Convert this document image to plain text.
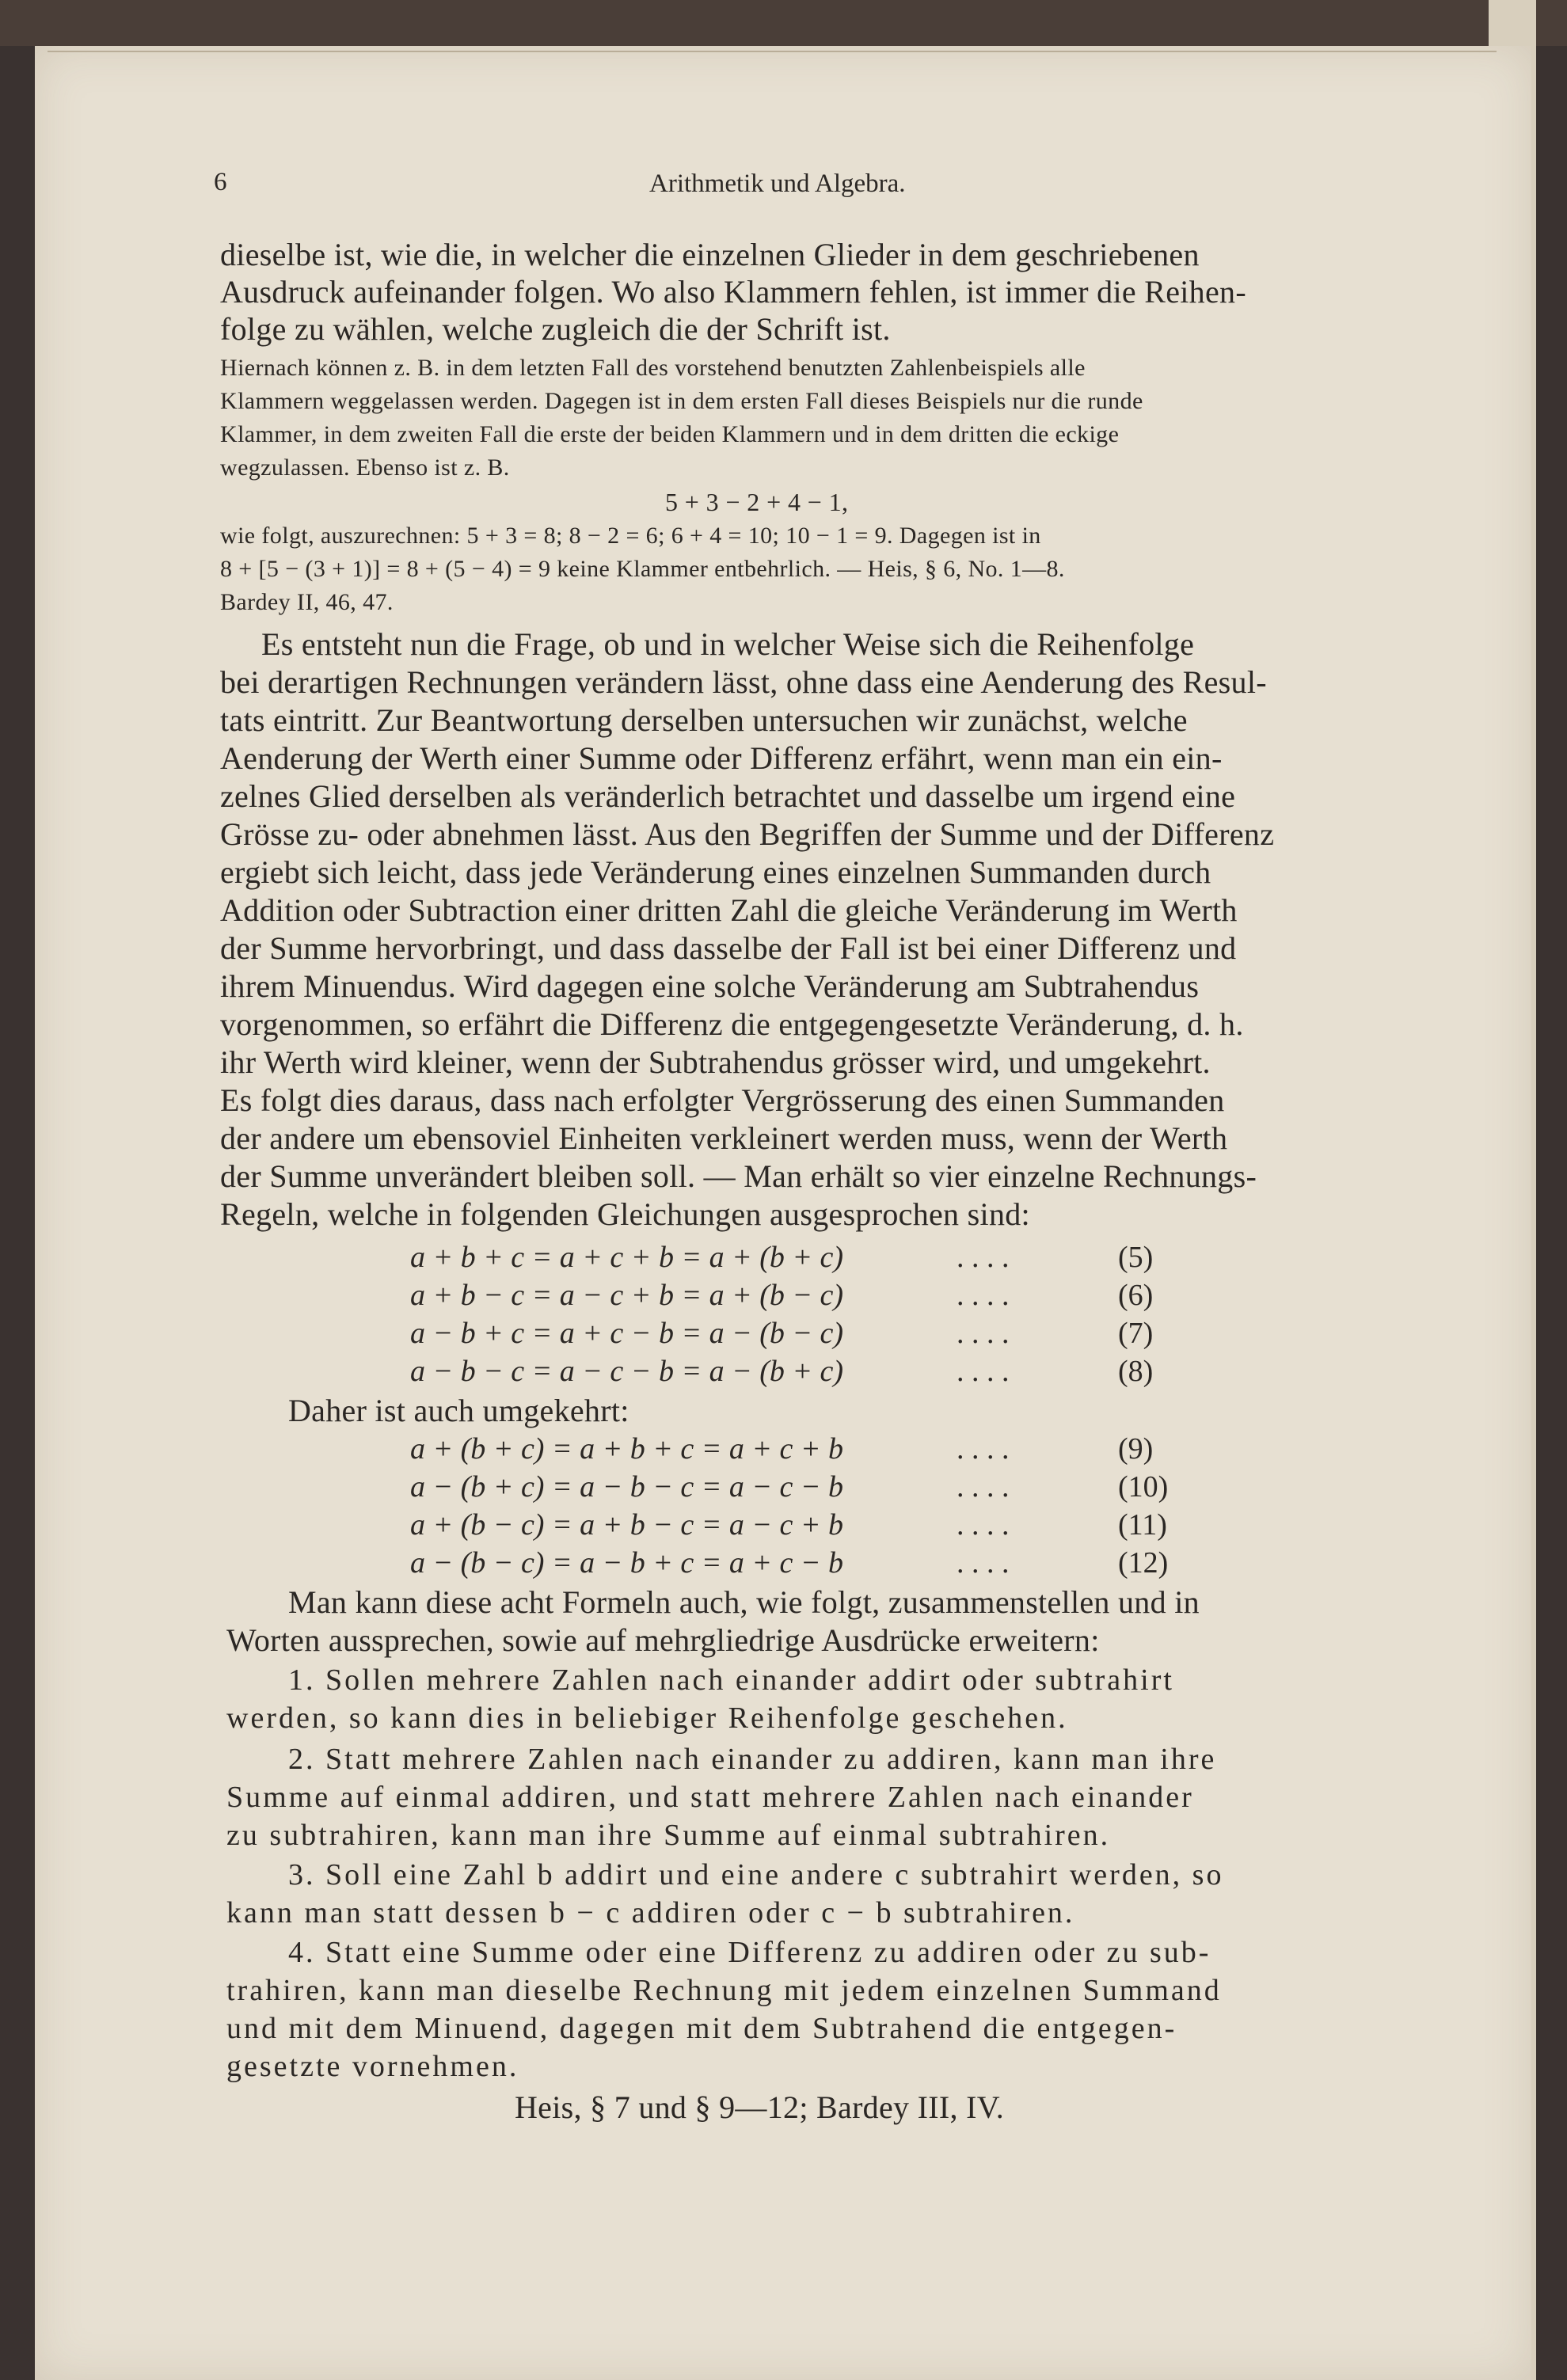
6	Arithmetik und Algebra.
dieselbe ist, wie die, in welcher die einzelnen Glieder in dem geschriebenen
Ausdruck aufeinander folgen. Wo also Klammern fehlen, ist immer die Reihen-
folge zu wählen, welche zugleich die der Schrift ist.
Hiernach können z. B. in dem letzten Fall des vorstehend benutzten Zahlenbeispiels alle
Klammern weggelassen werden. Dagegen ist in dem ersten Fall dieses Beispiels nur die runde
Klammer, in dem zweiten Fall die erste der beiden Klammern und in dem dritten die eckige
wegzulassen. Ebenso ist z. B.
5 + 3 − 2 + 4 − 1,
wie folgt, auszurechnen: 5 + 3 = 8; 8 − 2 = 6; 6 + 4 = 10; 10 − 1 = 9. Dagegen ist in
8 + [5 − (3 + 1)] = 8 + (5 − 4) = 9 keine Klammer entbehrlich. — Heis, § 6, No. 1—8.
Bardey II, 46, 47.
Es entsteht nun die Frage, ob und in welcher Weise sich die Reihenfolge
bei derartigen Rechnungen verändern lässt, ohne dass eine Aenderung des Resul-
tats eintritt. Zur Beantwortung derselben untersuchen wir zunächst, welche
Aenderung der Werth einer Summe oder Differenz erfährt, wenn man ein ein-
zelnes Glied derselben als veränderlich betrachtet und dasselbe um irgend eine
Grösse zu- oder abnehmen lässt. Aus den Begriffen der Summe und der Differenz
ergiebt sich leicht, dass jede Veränderung eines einzelnen Summanden durch
Addition oder Subtraction einer dritten Zahl die gleiche Veränderung im Werth
der Summe hervorbringt, und dass dasselbe der Fall ist bei einer Differenz und
ihrem Minuendus. Wird dagegen eine solche Veränderung am Subtrahendus
vorgenommen, so erfährt die Differenz die entgegengesetzte Veränderung, d. h.
ihr Werth wird kleiner, wenn der Subtrahendus grösser wird, und umgekehrt.
Es folgt dies daraus, dass nach erfolgter Vergrösserung des einen Summanden
der andere um ebensoviel Einheiten verkleinert werden muss, wenn der Werth
der Summe unverändert bleiben soll. — Man erhält so vier einzelne Rechnungs-
Regeln, welche in folgenden Gleichungen ausgesprochen sind:
a + b + c = a + c + b = a + (b + c)	. . . .	(5)
a + b − c = a − c + b = a + (b − c)	. . . .	(6)
a − b + c = a + c − b = a − (b − c)	. . . .	(7)
a − b − c = a − c − b = a − (b + c)	. . . .	(8)
Daher ist auch umgekehrt:
a + (b + c) = a + b + c = a + c + b	. . . .	(9)
a − (b + c) = a − b − c = a − c − b	. . . .	(10)
a + (b − c) = a + b − c = a − c + b	. . . .	(11)
a − (b − c) = a − b + c = a + c − b	. . . .	(12)
Man kann diese acht Formeln auch, wie folgt, zusammenstellen und in
Worten aussprechen, sowie auf mehrgliedrige Ausdrücke erweitern:
1. Sollen mehrere Zahlen nach einander addirt oder subtrahirt
werden, so kann dies in beliebiger Reihenfolge geschehen.
2. Statt mehrere Zahlen nach einander zu addiren, kann man ihre
Summe auf einmal addiren, und statt mehrere Zahlen nach einander
zu subtrahiren, kann man ihre Summe auf einmal subtrahiren.
3. Soll eine Zahl b addirt und eine andere c subtrahirt werden, so
kann man statt dessen b − c addiren oder c − b subtrahiren.
4. Statt eine Summe oder eine Differenz zu addiren oder zu sub-
trahiren, kann man dieselbe Rechnung mit jedem einzelnen Summand
und mit dem Minuend, dagegen mit dem Subtrahend die entgegen-
gesetzte vornehmen.
Heis, § 7 und § 9—12; Bardey III, IV.
